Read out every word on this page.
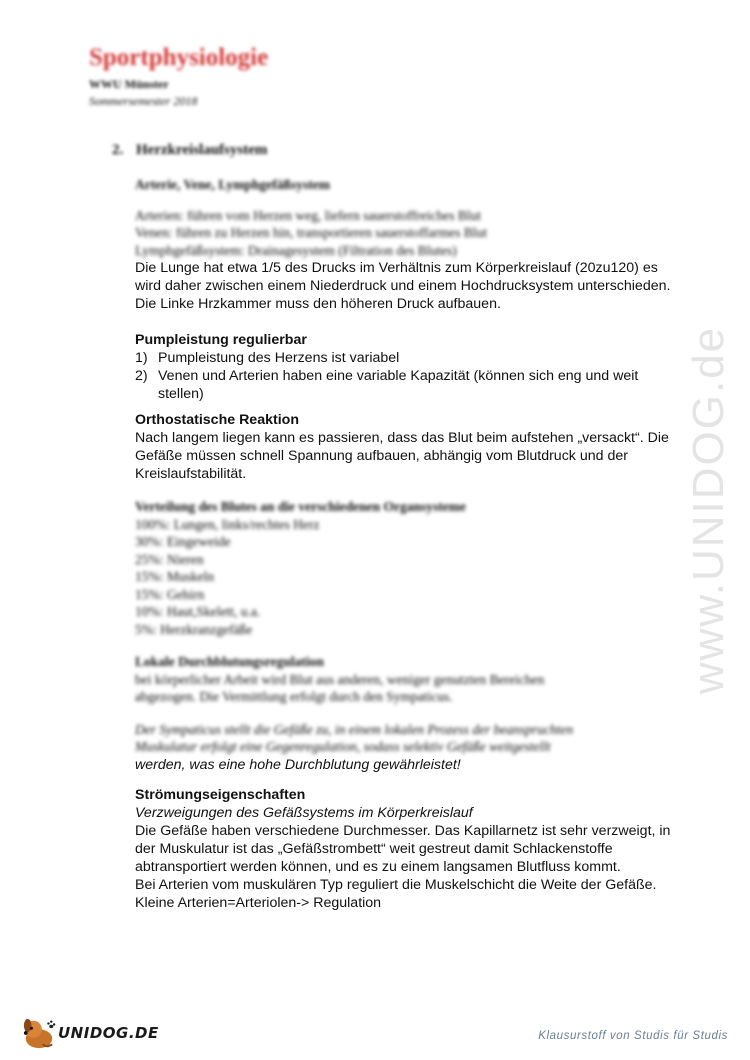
Sportphysiologie
WWU Münster
Sommersemester 2018
2. Herzkreislaufsystem
Arterie, Vene, Lymphgefäßsystem
Arterien: führen vom Herzen weg, liefern sauerstoffreiches Blut
Venen: führen zu Herzen hin, transportieren sauerstoffarmes Blut
Lymphgefäßsystem: Drainagesystem (Filtration des Blutes)

Die Lunge hat etwa 1/5 des Drucks im Verhältnis zum Körperkreislauf (20zu120) es wird daher zwischen einem Niederdruck und einem Hochdrucksystem unterschieden. Die Linke Hrzkammer muss den höheren Druck aufbauen.

Pumpleistung regulierbar
1) Pumpleistung des Herzens ist variabel
2) Venen und Arterien haben eine variable Kapazität (können sich eng und weit stellen)
Orthostatische Reaktion

Nach langem liegen kann es passieren, dass das Blut beim aufstehen „versackt“. Die Gefäße müssen schnell Spannung aufbauen, abhängig vom Blutdruck und der Kreislaufstabilität.

Verteilung des Blutes an die verschiedenen Organsysteme
100%: Lungen, links/rechtes Herz
30%: Eingeweide
25%: Nieren
15%: Muskeln
15%: Gehirn
10%: Haut,Skelett, u.a.
5%: Herzkranzgefäße
Lokale Durchblutungsregulation
bei körperlicher Arbeit wird Blut aus anderen, weniger genutzten Bereichen
abgezogen. Die Vermittlung erfolgt durch den Sympaticus.
Der Sympaticus stellt die Gefäße zu, in einem lokalen Prozess der beanspruchten
Muskulatur erfolgt eine Gegenregulation, sodass selektiv Gefäße weitgestellt
werden, was eine hohe Durchblutung gewährleistet!
Strömungseigenschaften
Verzweigungen des Gefäßsystems im Körperkreislauf

Die Gefäße haben verschiedene Durchmesser. Das Kapillarnetz ist sehr verzweigt, in der Muskulatur ist das „Gefäßstrombett“ weit gestreut damit Schlackenstoffe abtransportiert werden können, und es zu einem langsamen Blutfluss kommt.

Bei Arterien vom muskulären Typ reguliert die Muskelschicht die Weite der Gefäße. Kleine Arterien=Arteriolen-> Regulation

www.UNIDOG.de
UNIDOG.DE	Klausurstoff von Studis für Studis
